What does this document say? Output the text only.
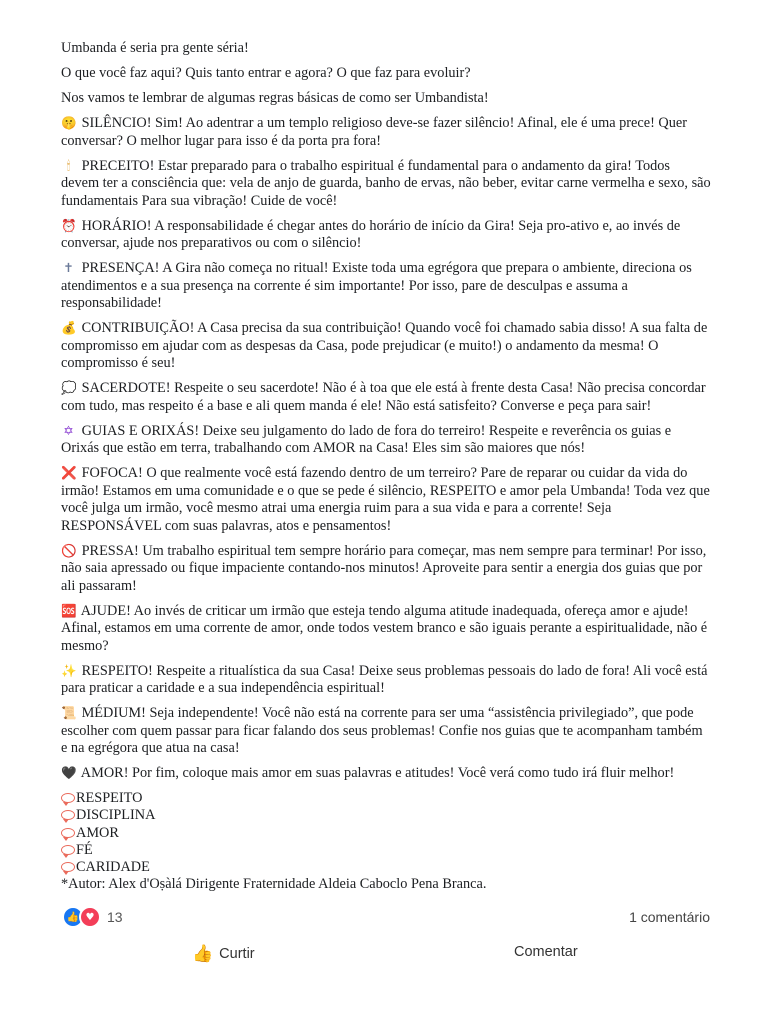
Umbanda é seria pra gente séria!

O que você faz aqui? Quis tanto entrar e agora? O que faz para evoluir?

Nos vamos te lembrar de algumas regras básicas de como ser Umbandista!

🤫 SILÊNCIO! Sim! Ao adentrar a um templo religioso deve-se fazer silêncio! Afinal, ele é uma prece! Quer conversar? O melhor lugar para isso é da porta pra fora!

🕯 PRECEITO! Estar preparado para o trabalho espiritual é fundamental para o andamento da gira! Todos devem ter a consciência que: vela de anjo de guarda, banho de ervas, não beber, evitar carne vermelha e sexo, são fundamentais Para sua vibração! Cuide de você!

⏰ HORÁRIO! A responsabilidade é chegar antes do horário de início da Gira! Seja pro-ativo e, ao invés de conversar, ajude nos preparativos ou com o silêncio!

✝ PRESENÇA! A Gira não começa no ritual! Existe toda uma egrégora que prepara o ambiente, direciona os atendimentos e a sua presença na corrente é sim importante! Por isso, pare de desculpas e assuma a responsabilidade!

💰 CONTRIBUIÇÃO! A Casa precisa da sua contribuição! Quando você foi chamado sabia disso! A sua falta de compromisso em ajudar com as despesas da Casa, pode prejudicar (e muito!) o andamento da mesma! O compromisso é seu!

💭 SACERDOTE! Respeite o seu sacerdote! Não é à toa que ele está à frente desta Casa! Não precisa concordar com tudo, mas respeito é a base e ali quem manda é ele! Não está satisfeito? Converse e peça para sair!

✡ GUIAS E ORIXÁS! Deixe seu julgamento do lado de fora do terreiro! Respeite e reverência os guias e Orixás que estão em terra, trabalhando com AMOR na Casa! Eles sim são maiores que nós!

❌ FOFOCA! O que realmente você está fazendo dentro de um terreiro? Pare de reparar ou cuidar da vida do irmão! Estamos em uma comunidade e o que se pede é silêncio, RESPEITO e amor pela Umbanda! Toda vez que você julga um irmão, você mesmo atrai uma energia ruim para a sua vida e para a corrente! Seja RESPONSÁVEL com suas palavras, atos e pensamentos!

🚫 PRESSA! Um trabalho espiritual tem sempre horário para começar, mas nem sempre para terminar! Por isso, não saia apressado ou fique impaciente contando-nos minutos! Aproveite para sentir a energia dos guias que por ali passaram!

🆘 AJUDE! Ao invés de criticar um irmão que esteja tendo alguma atitude inadequada, ofereça amor e ajude! Afinal, estamos em uma corrente de amor, onde todos vestem branco e são iguais perante a espiritualidade, não é mesmo?

✨ RESPEITO! Respeite a ritualística da sua Casa! Deixe seus problemas pessoais do lado de fora! Ali você está para praticar a caridade e a sua independência espiritual!

📜 MÉDIUM! Seja independente! Você não está na corrente para ser uma “assistência privilegiado”, que pode escolher com quem passar para ficar falando dos seus problemas! Confie nos guias que te acompanham também e na egrégora que atua na casa!

🖤 AMOR! Por fim, coloque mais amor em suas palavras e atitudes! Você verá como tudo irá fluir melhor!

RESPEITO
DISCIPLINA
AMOR
FÉ
CARIDADE
*Autor: Alex d'Oṣàlá Dirigente Fraternidade Aldeia Caboclo Pena Branca.
👍 ♥ 13	1 comentário
👍 Curtir	Comentar
